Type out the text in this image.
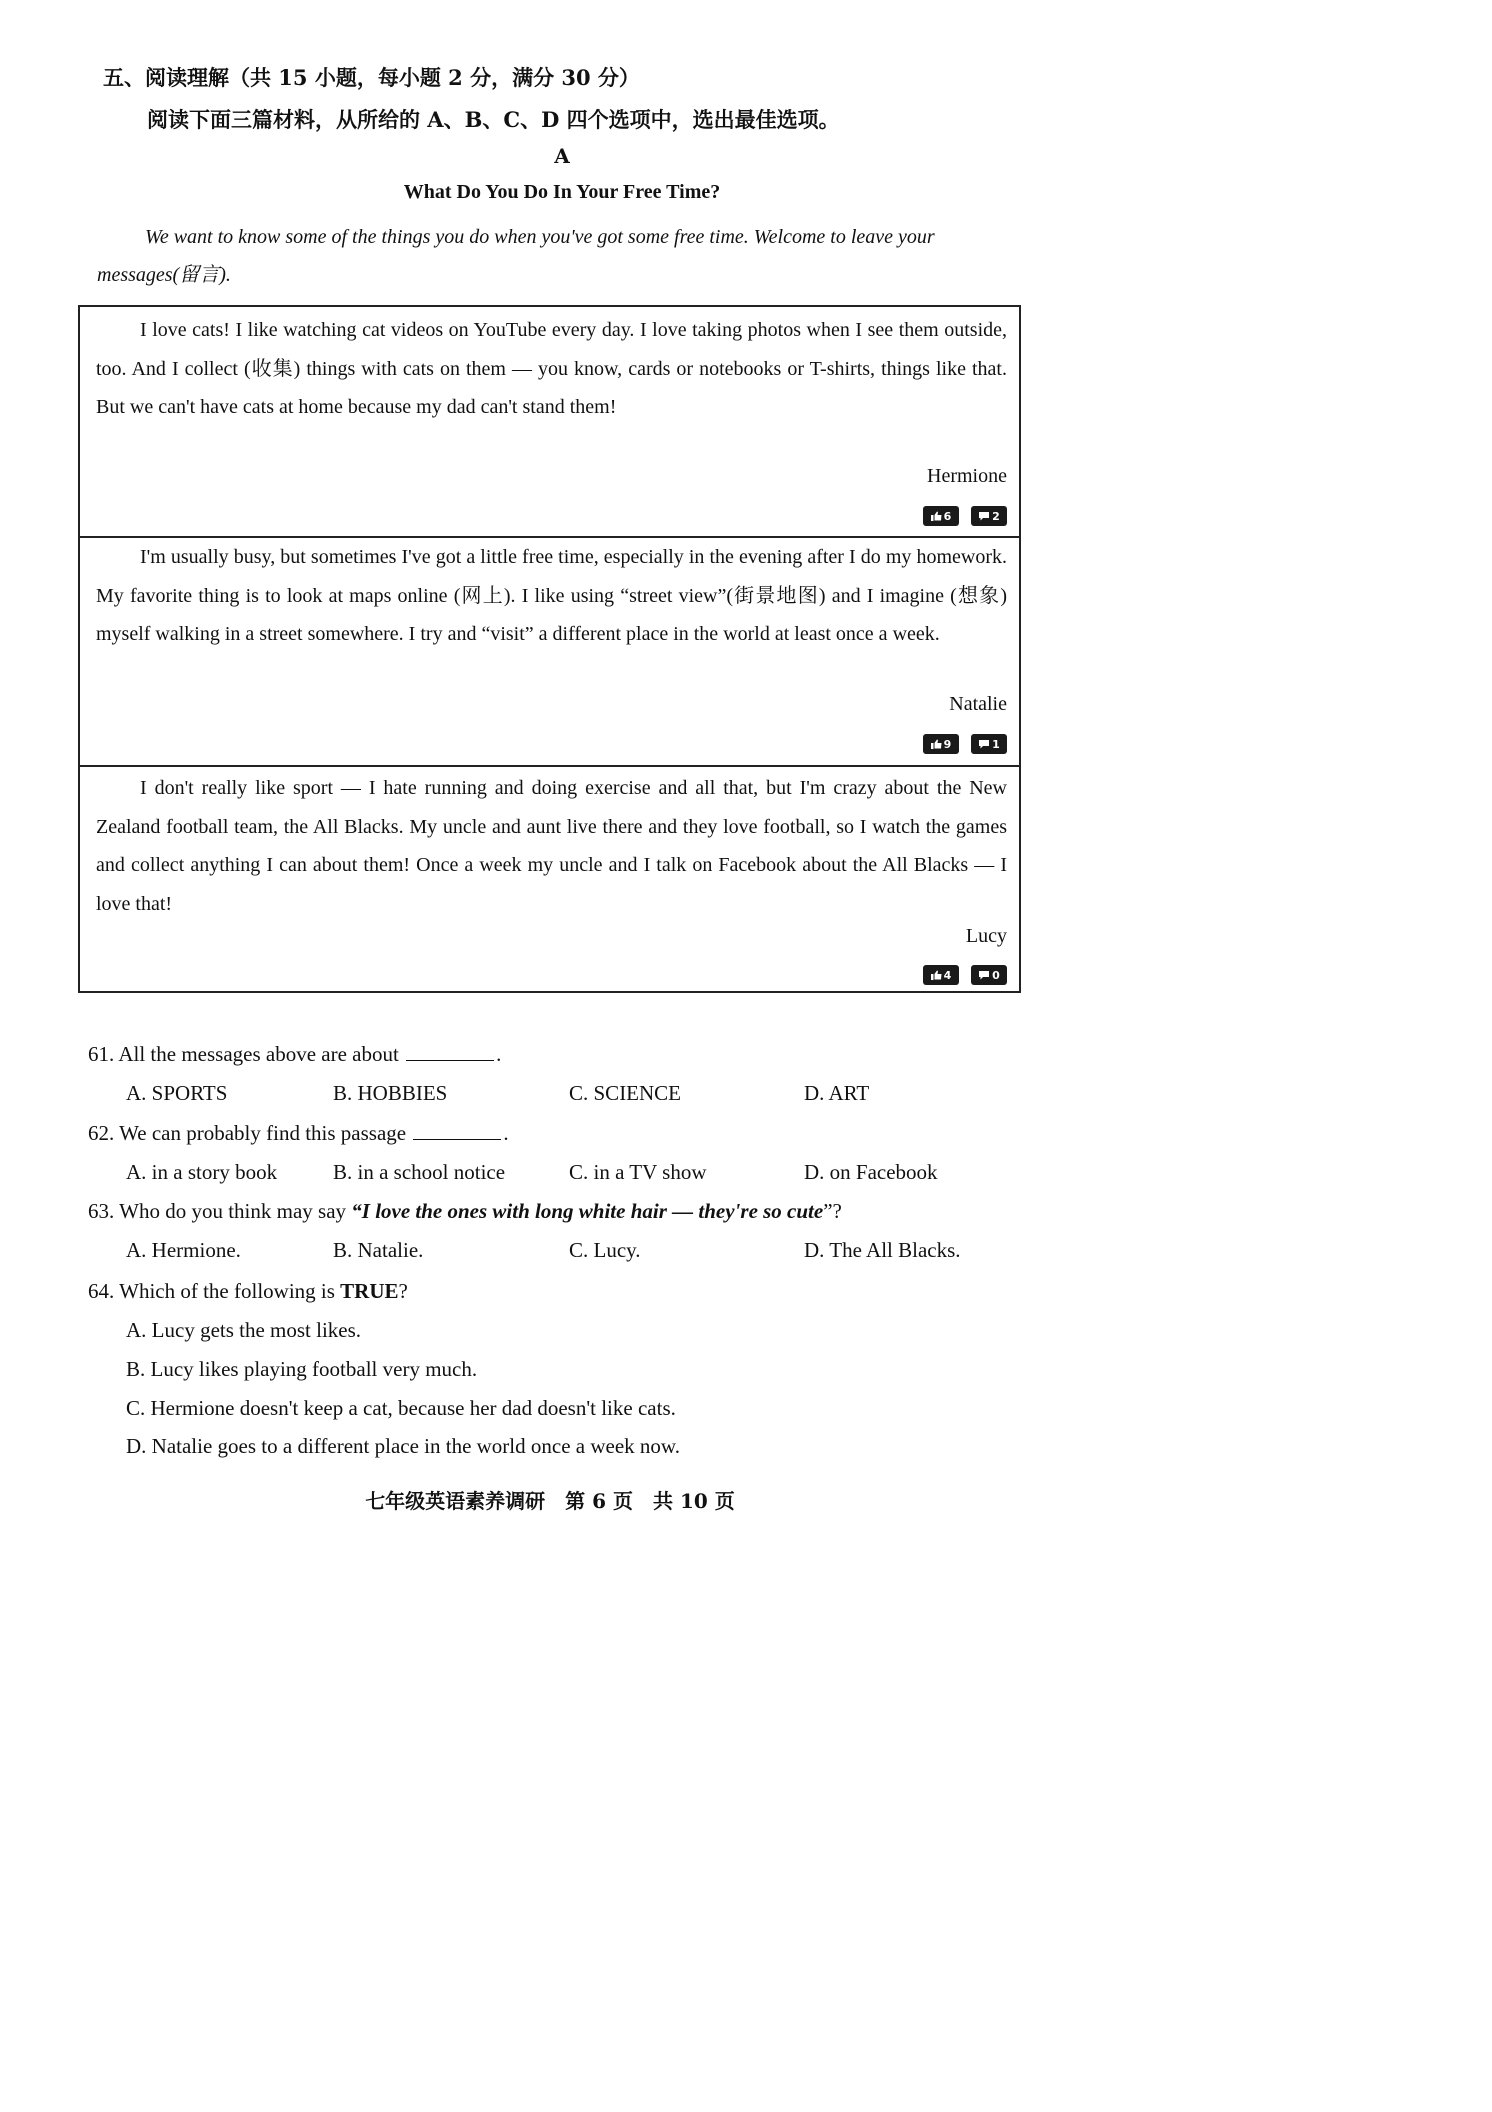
五、阅读理解（共 15 小题，每小题 2 分，满分 30 分）
阅读下面三篇材料，从所给的 A、B、C、D 四个选项中，选出最佳选项。
A
What Do You Do In Your Free Time?

We want to know some of the things you do when you've got some free time. Welcome to leave your messages(留言).

I love cats! I like watching cat videos on YouTube every day. I love taking photos when I see them outside, too. And I collect (收集) things with cats on them — you know, cards or notebooks or T-shirts, things like that. But we can't have cats at home because my dad can't stand them!

Hermione
6	2

I'm usually busy, but sometimes I've got a little free time, especially in the evening after I do my homework. My favorite thing is to look at maps online (网上). I like using “street view”(街景地图) and I imagine (想象) myself walking in a street somewhere. I try and “visit” a different place in the world at least once a week.

Natalie
9	1

I don't really like sport — I hate running and doing exercise and all that, but I'm crazy about the New Zealand football team, the All Blacks. My uncle and aunt live there and they love football, so I watch the games and collect anything I can about them! Once a week my uncle and I talk on Facebook about the All Blacks — I love that!

Lucy
4	0
61. All the messages above are about	.
A. SPORTS	B. HOBBIES	C. SCIENCE	D. ART
62. We can probably find this passage	.
A. in a story book	B. in a school notice	C. in a TV show	D. on Facebook
63. Who do you think may say “I love the ones with long white hair — they're so cute”?
A. Hermione.	B. Natalie.	C. Lucy.	D. The All Blacks.
64. Which of the following is TRUE?
A. Lucy gets the most likes.
B. Lucy likes playing football very much.
C. Hermione doesn't keep a cat, because her dad doesn't like cats.
D. Natalie goes to a different place in the world once a week now.
七年级英语素养调研　第 6 页　共 10 页
